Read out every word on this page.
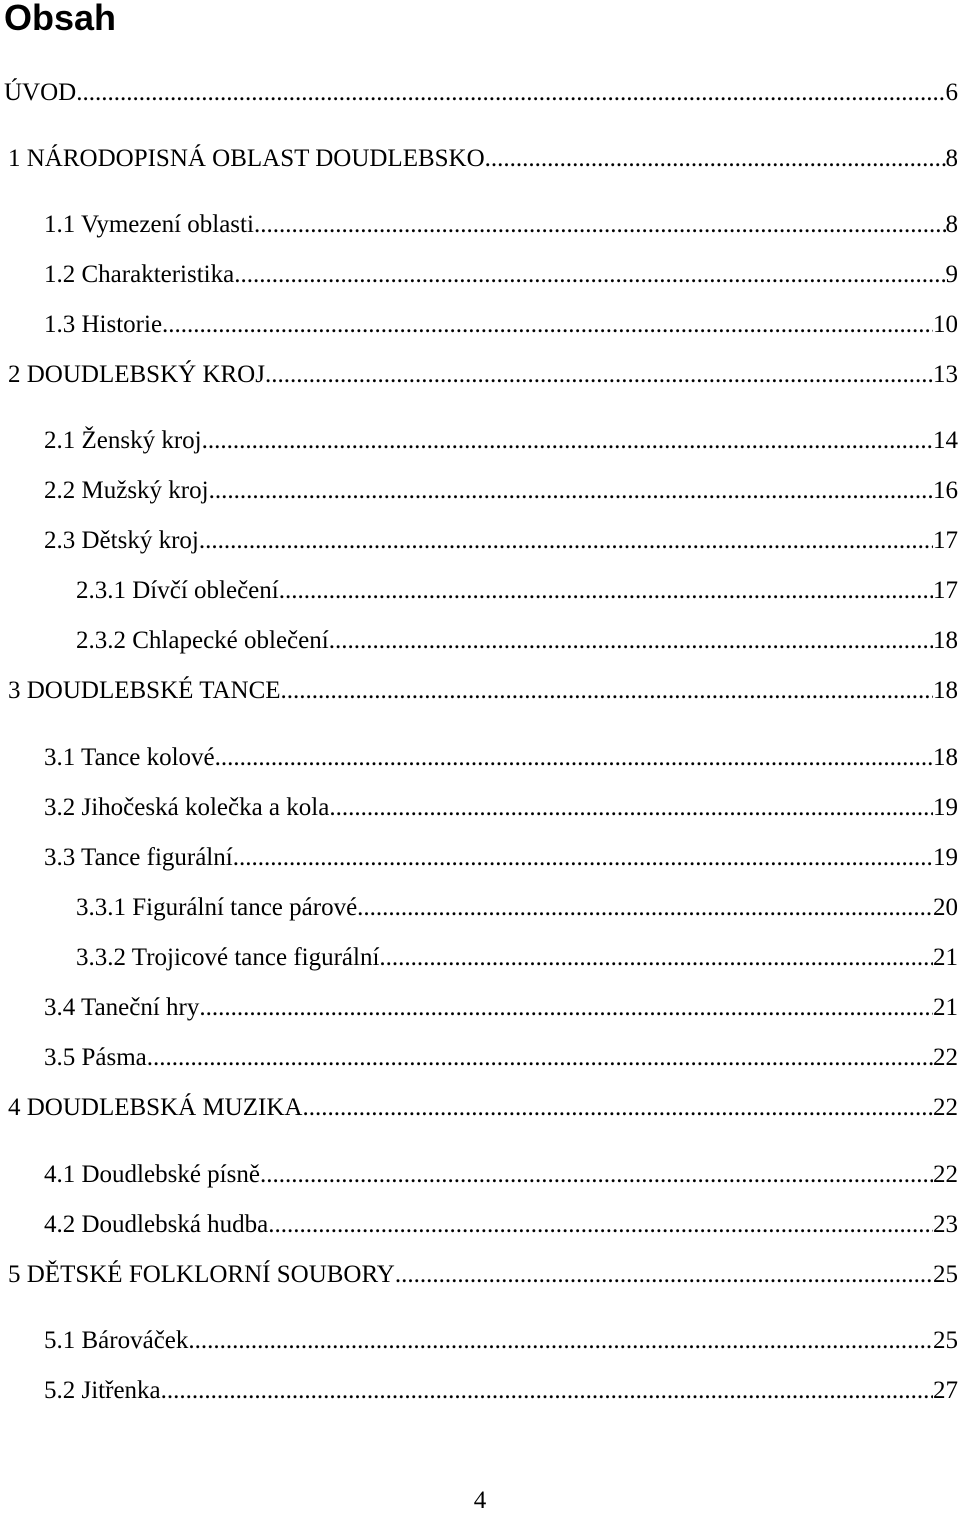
Obsah
ÚVOD .....	6
1 NÁRODOPISNÁ OBLAST DOUDLEBSKO .....	8
1.1 Vymezení oblasti .....	8
1.2 Charakteristika .....	9
1.3 Historie .....	10
2 DOUDLEBSKÝ KROJ .....	13
2.1 Ženský kroj .....	14
2.2 Mužský kroj .....	16
2.3 Dětský kroj .....	17
2.3.1 Dívčí oblečení .....	17
2.3.2 Chlapecké oblečení .....	18
3 DOUDLEBSKÉ TANCE .....	18
3.1 Tance kolové .....	18
3.2 Jihočeská kolečka a kola .....	19
3.3 Tance figurální .....	19
3.3.1 Figurální tance párové .....	20
3.3.2 Trojicové tance figurální .....	21
3.4 Taneční hry .....	21
3.5 Pásma .....	22
4 DOUDLEBSKÁ MUZIKA .....	22
4.1 Doudlebské písně .....	22
4.2 Doudlebská hudba .....	23
5 DĚTSKÉ FOLKLORNÍ SOUBORY .....	25
5.1 Bárováček .....	25
5.2 Jitřenka .....	27
4
